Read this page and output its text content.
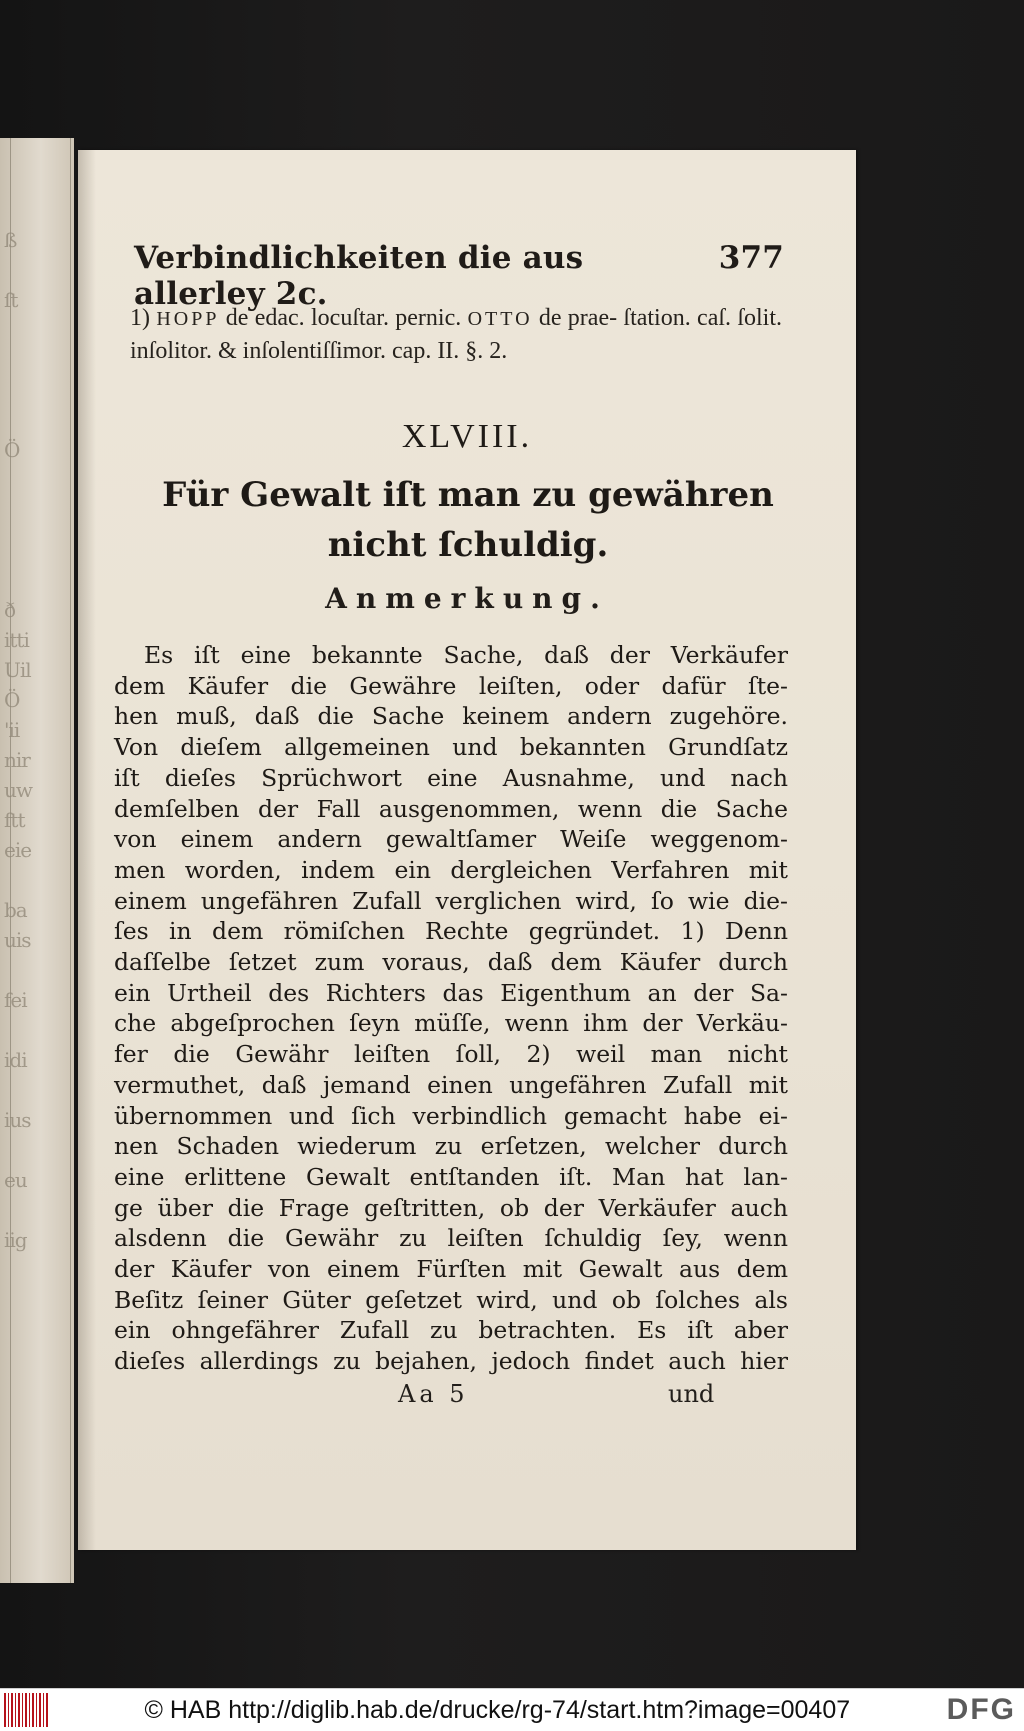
ß
ſt
Ö
ð
itti
Uil
Ö
'ii
nir
uw
ftt
eie
ba
uis
fei
idi
ius
eu
iig
Verbindlichkeiten die aus allerley 2c.
377
1) HOPP de edac. locuſtar. pernic. OTTO de prae- ſtation. caſ. ſolit. inſolitor. & inſolentiſſimor. cap. II. §. 2.
XLVIII.
Für Gewalt iſt man zu gewähren nicht ſchuldig.
Anmerkung.
Es iſt eine bekannte Sache, daß der Verkäufer
dem Käufer die Gewähre leiſten, oder dafür ſte-
hen muß, daß die Sache keinem andern zugehöre.
Von dieſem allgemeinen und bekannten Grundſatz
iſt dieſes Sprüchwort eine Ausnahme, und nach
demſelben der Fall ausgenommen, wenn die Sache
von einem andern gewaltſamer Weiſe weggenom-
men worden, indem ein dergleichen Verfahren mit
einem ungefähren Zufall verglichen wird, ſo wie die-
ſes in dem römiſchen Rechte gegründet. 1) Denn
daſſelbe ſetzet zum voraus, daß dem Käufer durch
ein Urtheil des Richters das Eigenthum an der Sa-
che abgeſprochen ſeyn müſſe, wenn ihm der Verkäu-
fer die Gewähr leiſten ſoll, 2) weil man nicht
vermuthet, daß jemand einen ungefähren Zufall mit
übernommen und ſich verbindlich gemacht habe ei-
nen Schaden wiederum zu erſetzen, welcher durch
eine erlittene Gewalt entſtanden iſt. Man hat lan-
ge über die Frage geſtritten, ob der Verkäufer auch
alsdenn die Gewähr zu leiſten ſchuldig ſey, wenn
der Käufer von einem Fürſten mit Gewalt aus dem
Beſitz ſeiner Güter geſetzet wird, und ob ſolches als
ein ohngefährer Zufall zu betrachten. Es iſt aber
dieſes allerdings zu bejahen, jedoch findet auch hier
Aa 5	und
© HAB http://diglib.hab.de/drucke/rg-74/start.htm?image=00407	DFG
